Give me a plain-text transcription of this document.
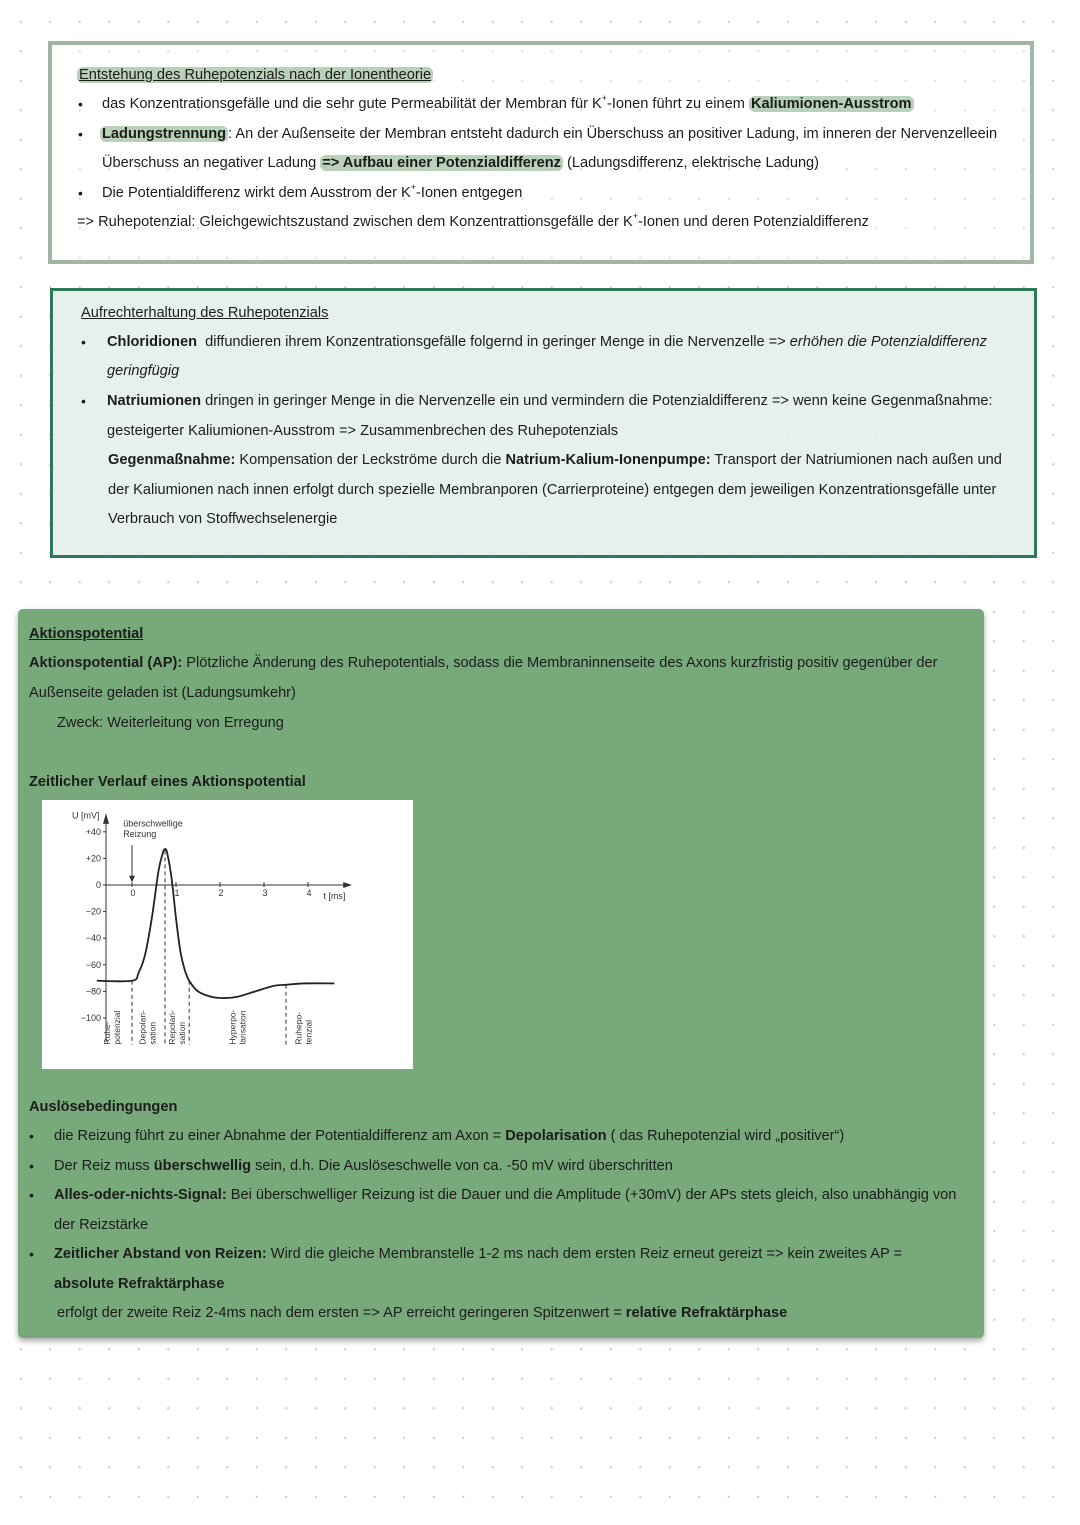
Entstehung des Ruhepotenzials nach der Ionentheorie
• das Konzentrationsgefälle und die sehr gute Permeabilität der Membran für K+-Ionen führt zu einem Kaliumionen-Ausstrom
• Ladungstrennung : An der Außenseite der Membran entsteht dadurch ein Überschuss an positiver Ladung, im inneren der Nervenzelleein
Überschuss an negativer Ladung => Aufbau einer Potenzialdifferenz (Ladungsdifferenz, elektrische Ladung)
• Die Potentialdifferenz wirkt dem Ausstrom der K+-Ionen entgegen
=> Ruhepotenzial: Gleichgewichtszustand zwischen dem Konzentrattionsgefälle der K+-Ionen und deren Potenzialdifferenz
Aufrechterhaltung des Ruhepotenzials
• Chloridionen  diffundieren ihrem Konzentrationsgefälle folgernd in geringer Menge in die Nervenzelle => erhöhen die Potenzialdifferenz
geringfügig
• Natriumionen dringen in geringer Menge in die Nervenzelle ein und vermindern die Potenzialdifferenz => wenn keine Gegenmaßnahme:
gesteigerter Kaliumionen-Ausstrom => Zusammenbrechen des Ruhepotenzials
Gegenmaßnahme: Kompensation der Leckströme durch die Natrium-Kalium-Ionenpumpe: Transport der Natriumionen nach außen und
der Kaliumionen nach innen erfolgt durch spezielle Membranporen (Carrierproteine) entgegen dem jeweiligen Konzentrationsgefälle unter
Verbrauch von Stoffwechselenergie
Aktionspotential
Aktionspotential (AP): Plötzliche Änderung des Ruhepotentials, sodass die Membraninnenseite des Axons kurzfristig positiv gegenüber der
Außenseite geladen ist (Ladungsumkehr)
Zweck: Weiterleitung von Erregung
Zeitlicher Verlauf eines Aktionspotential
+40
+20
0
−20
−40
−60
−80
−100
0	1	2	3	4
Ruhe- potenzial Depolari- sation Repolari- sation	Hyperpo- larisation	Ruhepo- tenzial
U [mV]
t [ms]
überschwellige
Reizung
Auslösebedingungen
• die Reizung führt zu einer Abnahme der Potentialdifferenz am Axon = Depolarisation ( das Ruhepotenzial wird „positiver“)
• Der Reiz muss überschwellig sein, d.h. Die Auslöseschwelle von ca. -50 mV wird überschritten
• Alles-oder-nichts-Signal: Bei überschwelliger Reizung ist die Dauer und die Amplitude (+30mV) der APs stets gleich, also unabhängig von
der Reizstärke
• Zeitlicher Abstand von Reizen: Wird die gleiche Membranstelle 1-2 ms nach dem ersten Reiz erneut gereizt => kein zweites AP =
absolute Refraktärphase
erfolgt der zweite Reiz 2-4ms nach dem ersten => AP erreicht geringeren Spitzenwert = relative Refraktärphase
